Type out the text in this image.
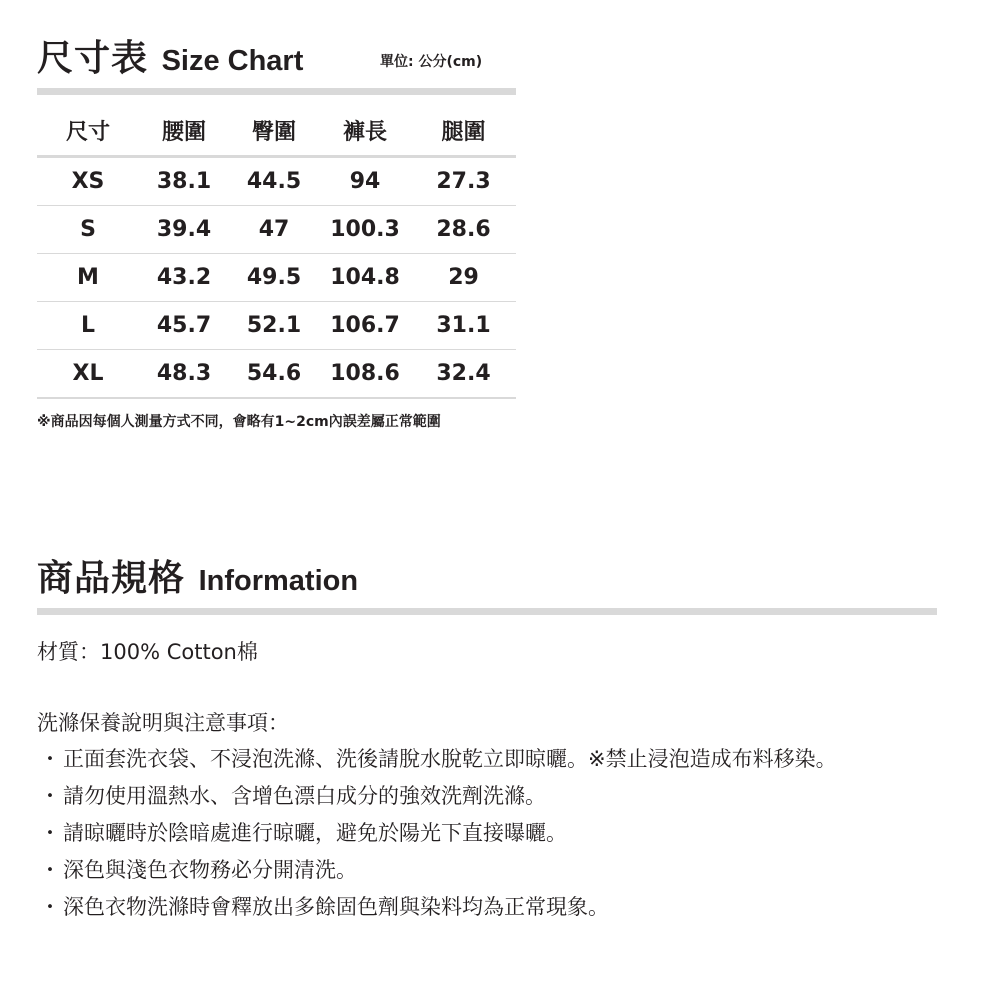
尺寸表 Size Chart	單位: 公分(cm)
尺寸	腰圍	臀圍	褲長	腿圍
XS	38.1	44.5	94	27.3
S	39.4	47	100.3	28.6
M	43.2	49.5	104.8	29
L	45.7	52.1	106.7	31.1
XL	48.3	54.6	108.6	32.4
※商品因每個人測量方式不同，會略有1~2cm內誤差屬正常範圍
商品規格 Information
材質：100% Cotton棉
洗滌保養說明與注意事項：
・ 正面套洗衣袋、不浸泡洗滌、洗後請脫水脫乾立即晾曬。※禁止浸泡造成布料移染。
・ 請勿使用溫熱水、含增色漂白成分的強效洗劑洗滌。
・ 請晾曬時於陰暗處進行晾曬，避免於陽光下直接曝曬。
・ 深色與淺色衣物務必分開清洗。
・ 深色衣物洗滌時會釋放出多餘固色劑與染料均為正常現象。
